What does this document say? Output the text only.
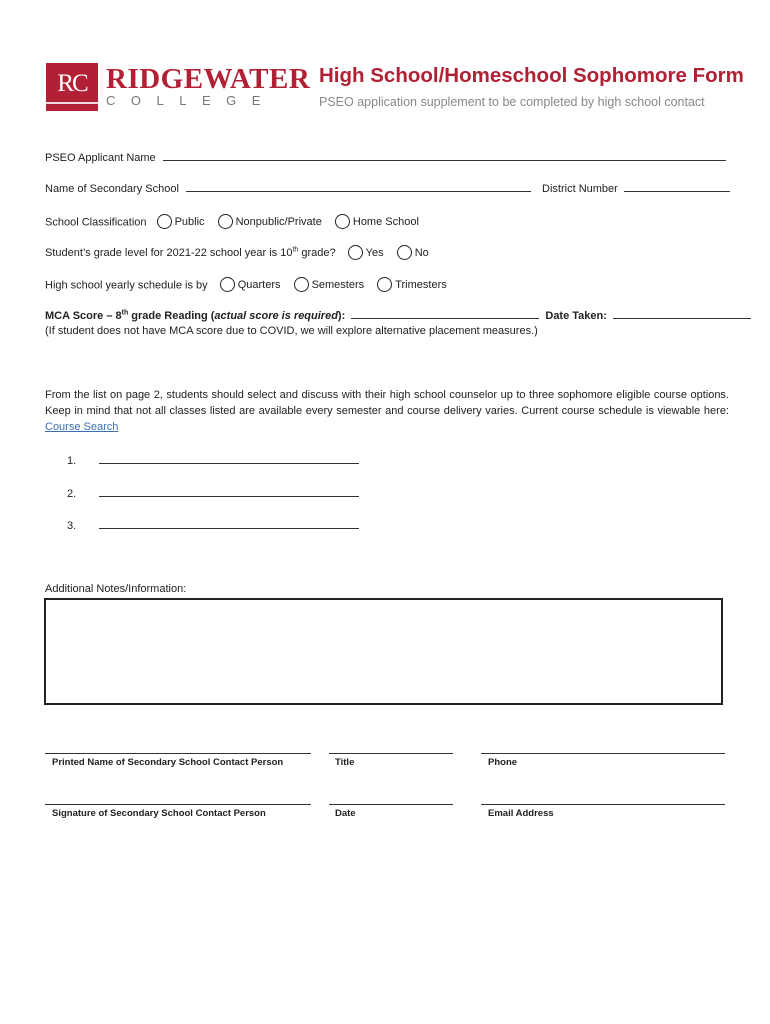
RC RIDGEWATER
COLLEGE
High School/Homeschool Sophomore Form
PSEO application supplement to be completed by high school contact
PSEO Applicant Name
Name of Secondary School	District Number
School Classification	Public	Nonpublic/Private	Home School
Student’s grade level for 2021-22 school year is 10th grade?	Yes	No
High school yearly schedule is by	Quarters	Semesters	Trimesters
MCA Score – 8th grade Reading (actual score is required):	Date Taken:
(If student does not have MCA score due to COVID, we will explore alternative placement measures.)
From the list on page 2, students should select and discuss with their high school counselor up to three sophomore eligible course options. Keep in mind that not all classes listed are available every semester and course delivery varies. Current course schedule is viewable here: Course Search
1.
2.
3.
Additional Notes/Information:
Printed Name of Secondary School Contact Person	Title	Phone
Signature of Secondary School Contact Person	Date	Email Address
